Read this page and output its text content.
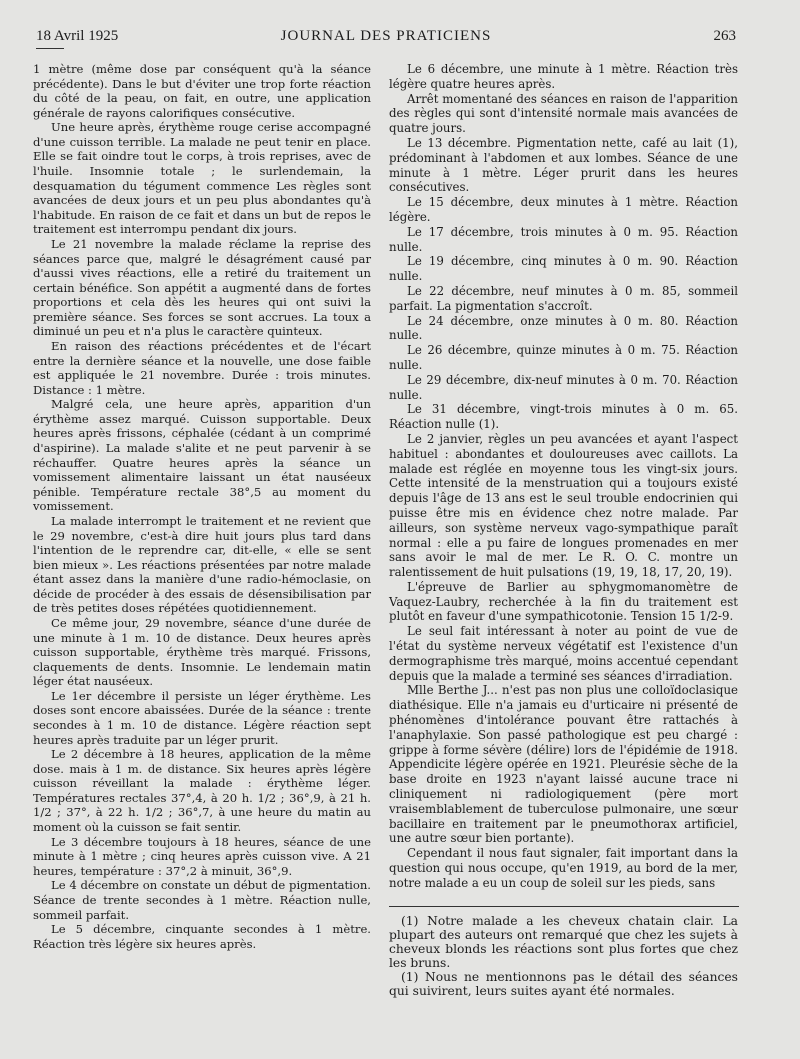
18 Avril 1925	JOURNAL DES PRATICIENS	263

1 mètre (même dose par conséquent qu'à la séance précédente). Dans le but d'éviter une trop forte réaction du côté de la peau, on fait, en outre, une application générale de rayons calorifiques consécutive.

Une heure après, érythème rouge cerise accompagné d'une cuisson terrible. La malade ne peut tenir en place. Elle se fait oindre tout le corps, à trois reprises, avec de l'huile. Insomnie totale ; le surlendemain, la desquamation du tégument commence Les règles sont avancées de deux jours et un peu plus abondantes qu'à l'habitude. En raison de ce fait et dans un but de repos le traitement est interrompu pendant dix jours.

Le 21 novembre la malade réclame la reprise des séances parce que, malgré le désagrément causé par d'aussi vives réactions, elle a retiré du traitement un certain bénéfice. Son appétit a augmenté dans de fortes proportions et cela dès les heures qui ont suivi la première séance. Ses forces se sont accrues. La toux a diminué un peu et n'a plus le caractère quinteux.

En raison des réactions précédentes et de l'écart entre la dernière séance et la nouvelle, une dose faible est appliquée le 21 novembre. Durée : trois minutes. Distance : 1 mètre.

Malgré cela, une heure après, apparition d'un érythème assez marqué. Cuisson supportable. Deux heures après frissons, céphalée (cédant à un comprimé d'aspirine). La malade s'alite et ne peut parvenir à se réchauffer. Quatre heures après la séance un vomissement alimentaire laissant un état nauséeux pénible. Température rectale 38°,5 au moment du vomissement.

La malade interrompt le traitement et ne revient que le 29 novembre, c'est-à dire huit jours plus tard dans l'intention de le reprendre car, dit-elle, « elle se sent bien mieux ». Les réactions présentées par notre malade étant assez dans la manière d'une radio-hémoclasie, on décide de procéder à des essais de désensibilisation par de très petites doses répétées quotidiennement.

Ce même jour, 29 novembre, séance d'une durée de une minute à 1 m. 10 de distance. Deux heures après cuisson supportable, érythème très marqué. Frissons, claquements de dents. Insomnie. Le lendemain matin léger état nauséeux.

Le 1er décembre il persiste un léger érythème. Les doses sont encore abaissées. Durée de la séance : trente secondes à 1 m. 10 de distance. Légère réaction sept heures après traduite par un léger prurit.

Le 2 décembre à 18 heures, application de la même dose. mais à 1 m. de distance. Six heures après légère cuisson réveillant la malade : érythème léger. Températures rectales 37°,4, à 20 h. 1/2 ; 36°,9, à 21 h. 1/2 ; 37°, à 22 h. 1/2 ; 36°,7, à une heure du matin au moment où la cuisson se fait sentir.

Le 3 décembre toujours à 18 heures, séance de une minute à 1 mètre ; cinq heures après cuisson vive. A 21 heures, température : 37°,2 à minuit, 36°,9.

Le 4 décembre on constate un début de pigmentation. Séance de trente secondes à 1 mètre. Réaction nulle, sommeil parfait.

Le 5 décembre, cinquante secondes à 1 mètre. Réaction très légère six heures après.

Le 6 décembre, une minute à 1 mètre. Réaction très légère quatre heures après.

Arrêt momentané des séances en raison de l'apparition des règles qui sont d'intensité normale mais avancées de quatre jours.

Le 13 décembre. Pigmentation nette, café au lait (1), prédominant à l'abdomen et aux lombes. Séance de une minute à 1 mètre. Léger prurit dans les heures consécutives.

Le 15 décembre, deux minutes à 1 mètre. Réaction légère.

Le 17 décembre, trois minutes à 0 m. 95. Réaction nulle.

Le 19 décembre, cinq minutes à 0 m. 90. Réaction nulle.

Le 22 décembre, neuf minutes à 0 m. 85, sommeil parfait. La pigmentation s'accroît.

Le 24 décembre, onze minutes à 0 m. 80. Réaction nulle.

Le 26 décembre, quinze minutes à 0 m. 75. Réaction nulle.

Le 29 décembre, dix-neuf minutes à 0 m. 70. Réaction nulle.

Le 31 décembre, vingt-trois minutes à 0 m. 65. Réaction nulle (1).

Le 2 janvier, règles un peu avancées et ayant l'aspect habituel : abondantes et douloureuses avec caillots. La malade est réglée en moyenne tous les vingt-six jours. Cette intensité de la menstruation qui a toujours existé depuis l'âge de 13 ans est le seul trouble endocrinien qui puisse être mis en évidence chez notre malade. Par ailleurs, son système nerveux vago-sympathique paraît normal : elle a pu faire de longues promenades en mer sans avoir le mal de mer. Le R. O. C. montre un ralentissement de huit pulsations (19, 19, 18, 17, 20, 19).

L'épreuve de Barlier au sphygmomanomètre de Vaquez-Laubry, recherchée à la fin du traitement est plutôt en faveur d'une sympathicotonie. Tension 15 1/2-9.

Le seul fait intéressant à noter au point de vue de l'état du système nerveux végétatif est l'existence d'un dermographisme très marqué, moins accentué cependant depuis que la malade a terminé ses séances d'irradiation.

Mlle Berthe J... n'est pas non plus une colloïdoclasique diathésique. Elle n'a jamais eu d'urticaire ni présenté de phénomènes d'intolérance pouvant être rattachés à l'anaphylaxie. Son passé pathologique est peu chargé : grippe à forme sévère (délire) lors de l'épidémie de 1918. Appendicite légère opérée en 1921. Pleurésie sèche de la base droite en 1923 n'ayant laissé aucune trace ni cliniquement ni radiologiquement (père mort vraisemblablement de tuberculose pulmonaire, une sœur bacillaire en traitement par le pneumothorax artificiel, une autre sœur bien portante).

Cependant il nous faut signaler, fait important dans la question qui nous occupe, qu'en 1919, au bord de la mer, notre malade a eu un coup de soleil sur les pieds, sans

(1) Notre malade a les cheveux chatain clair. La plupart des auteurs ont remarqué que chez les sujets à cheveux blonds les réactions sont plus fortes que chez les bruns.

(1) Nous ne mentionnons pas le détail des séances qui suivirent, leurs suites ayant été normales.
